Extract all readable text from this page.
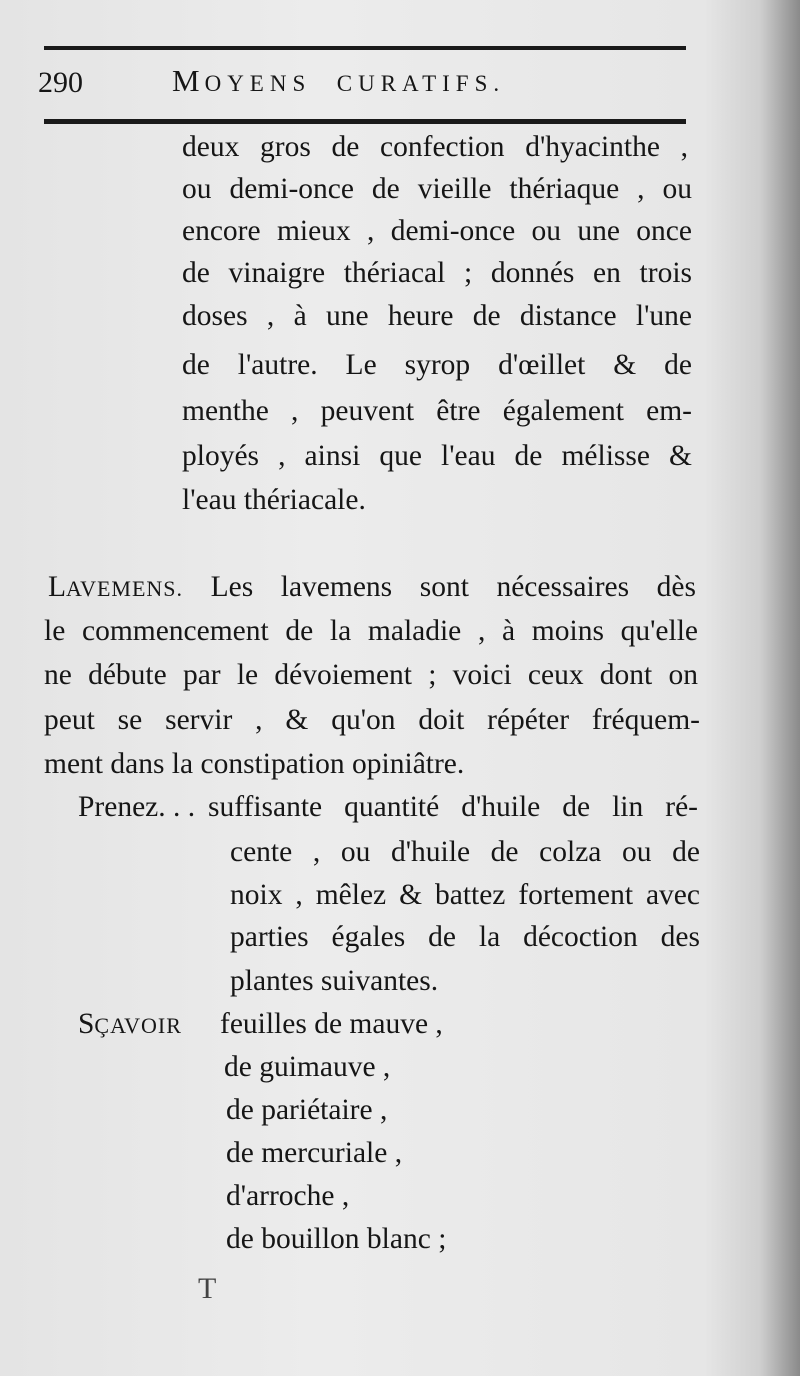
290	MOYENS CURATIFS.
deux gros de confection d'hyacinthe ,
ou demi-once de vieille thériaque , ou
encore mieux , demi-once ou une once
de vinaigre thériacal ; donnés en trois
doses , à une heure de distance l'une
de l'autre. Le syrop d'œillet & de
menthe , peuvent être également em-
ployés , ainsi que l'eau de mélisse &
l'eau thériacale.
LAVEMENS. Les lavemens sont nécessaires dès
le commencement de la maladie , à moins qu'elle
ne débute par le dévoiement ; voici ceux dont on
peut se servir , & qu'on doit répéter fréquem-
ment dans la constipation opiniâtre.
Prenez. . . suffisante quantité d'huile de lin ré-
cente , ou d'huile de colza ou de
noix , mêlez & battez fortement avec
parties égales de la décoction des
plantes suivantes.
SÇAVOIR feuilles de mauve ,
de guimauve ,
de pariétaire ,
de mercuriale ,
d'arroche ,
de bouillon blanc ;
T
